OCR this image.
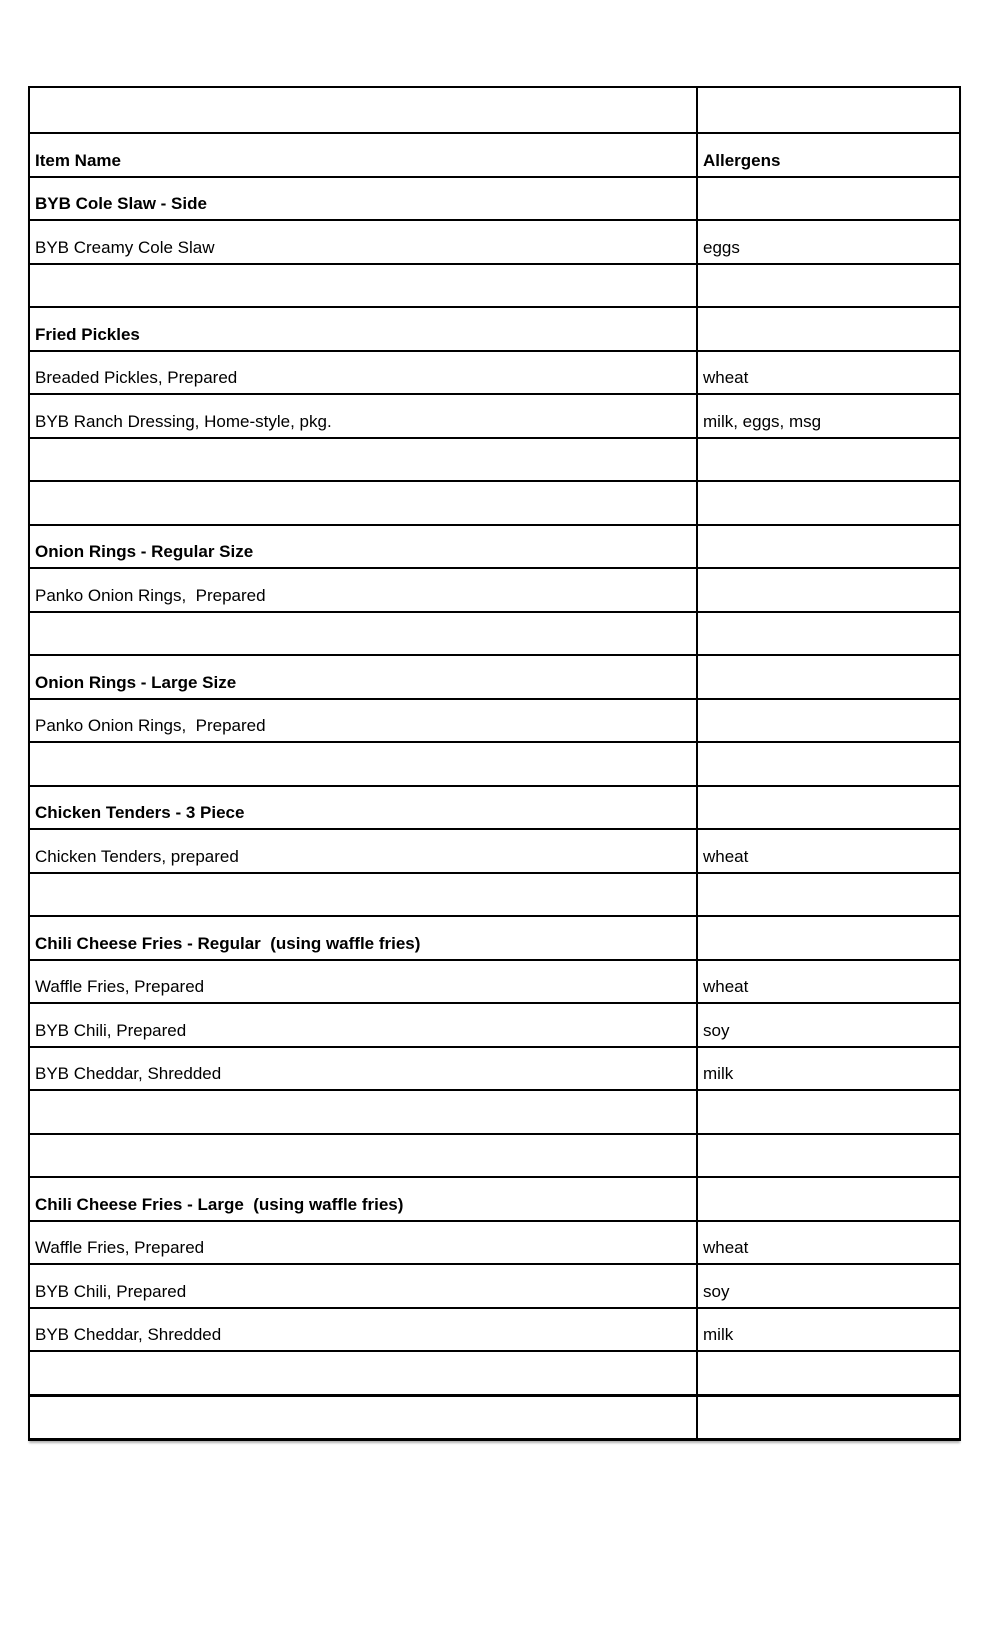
Item Name	Allergens
BYB Cole Slaw - Side	
BYB Creamy Cole Slaw	eggs

Fried Pickles	
Breaded Pickles, Prepared	wheat
BYB Ranch Dressing, Home-style, pkg.	milk, eggs, msg

Onion Rings - Regular Size	
Panko Onion Rings,  Prepared	

Onion Rings - Large Size	
Panko Onion Rings,  Prepared	

Chicken Tenders - 3 Piece	
Chicken Tenders, prepared	wheat

Chili Cheese Fries - Regular  (using waffle fries)	
Waffle Fries, Prepared	wheat
BYB Chili, Prepared	soy
BYB Cheddar, Shredded	milk

Chili Cheese Fries - Large  (using waffle fries)	
Waffle Fries, Prepared	wheat
BYB Chili, Prepared	soy
BYB Cheddar, Shredded	milk
